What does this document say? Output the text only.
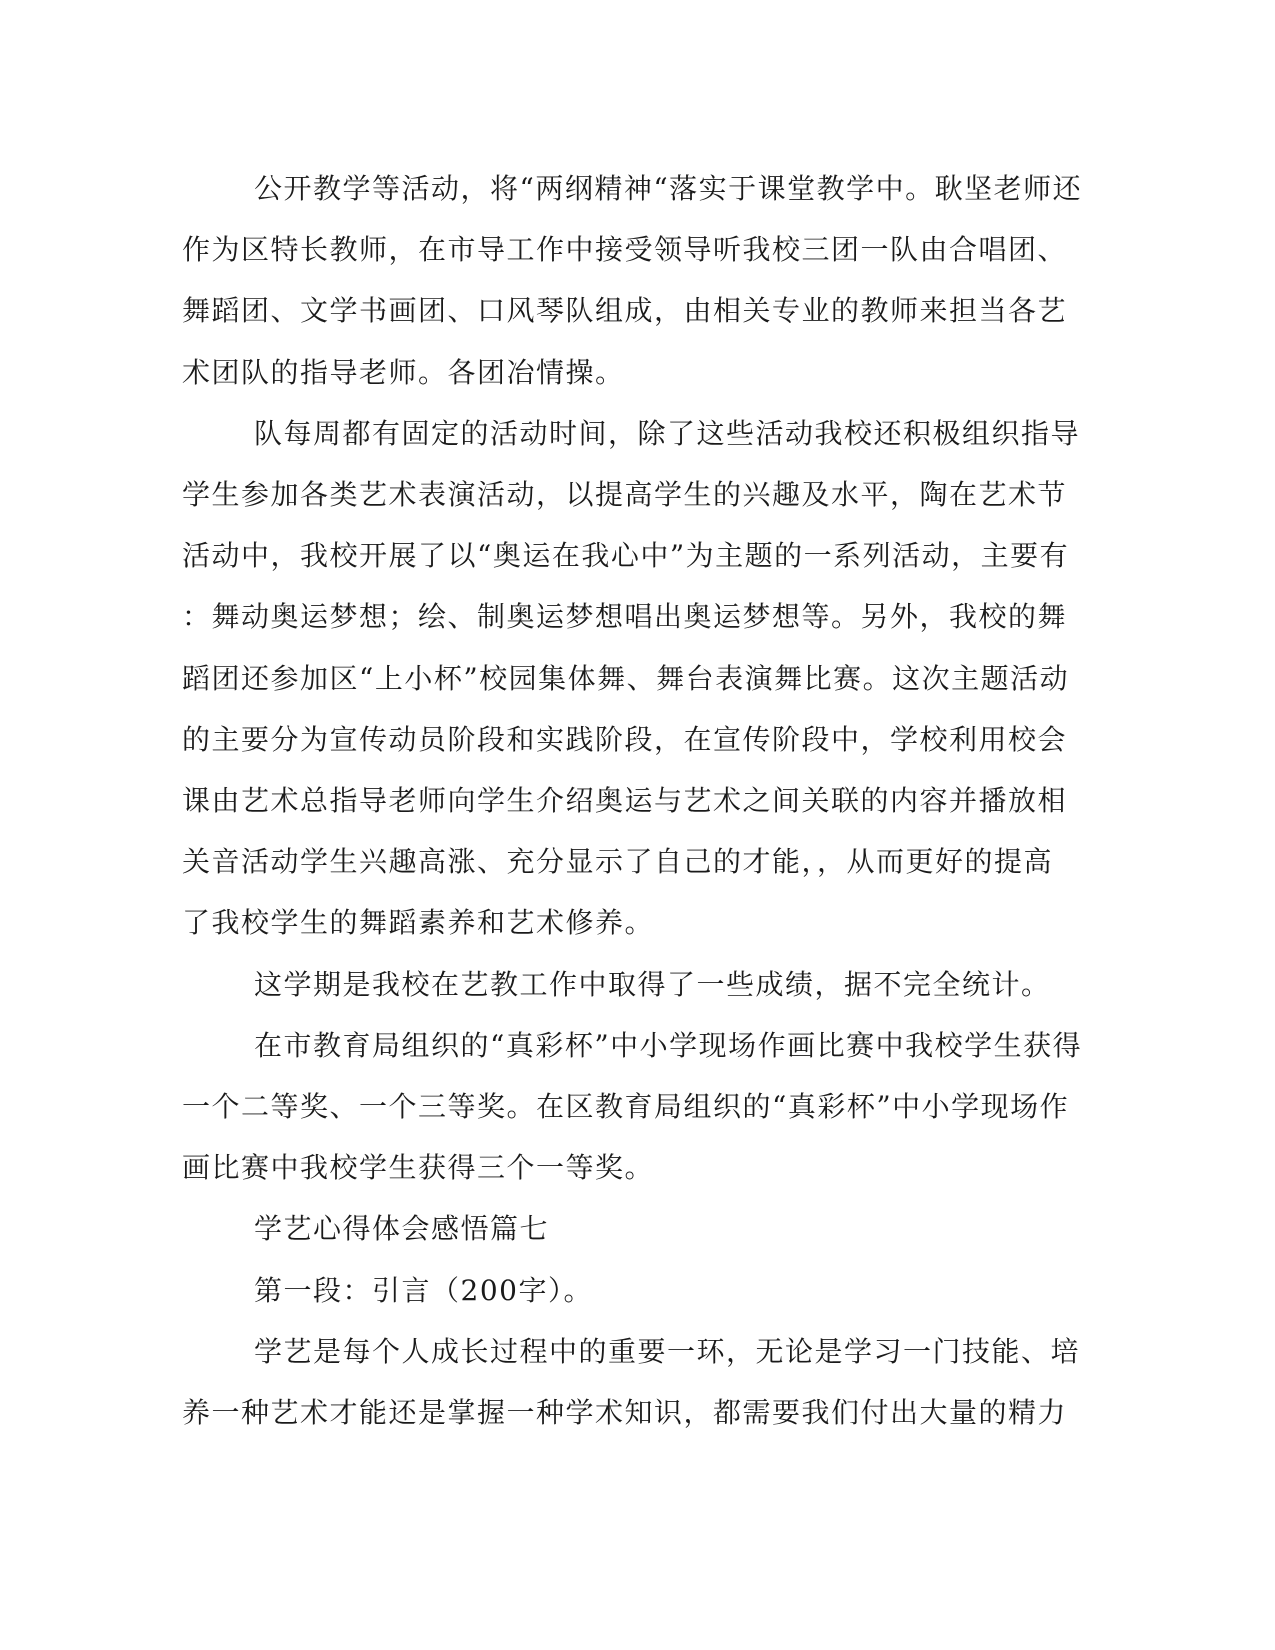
公开教学等活动，将“两纲精神“落实于课堂教学中。耿坚老师还
作为区特长教师，在市导工作中接受领导听我校三团一队由合唱团、
舞蹈团、文学书画团、口风琴队组成，由相关专业的教师来担当各艺
术团队的指导老师。各团冶情操。
队每周都有固定的活动时间，除了这些活动我校还积极组织指导
学生参加各类艺术表演活动，以提高学生的兴趣及水平，陶在艺术节
活动中，我校开展了以“奥运在我心中”为主题的一系列活动，主要有
：舞动奥运梦想；绘、制奥运梦想唱出奥运梦想等。另外，我校的舞
蹈团还参加区“上小杯”校园集体舞、舞台表演舞比赛。这次主题活动
的主要分为宣传动员阶段和实践阶段，在宣传阶段中，学校利用校会
课由艺术总指导老师向学生介绍奥运与艺术之间关联的内容并播放相
关音活动学生兴趣高涨、充分显示了自己的才能，，从而更好的提高
了我校学生的舞蹈素养和艺术修养。
这学期是我校在艺教工作中取得了一些成绩，据不完全统计。
在市教育局组织的“真彩杯”中小学现场作画比赛中我校学生获得
一个二等奖、一个三等奖。在区教育局组织的“真彩杯”中小学现场作
画比赛中我校学生获得三个一等奖。
学艺心得体会感悟篇七
第一段：引言（200字）。
学艺是每个人成长过程中的重要一环，无论是学习一门技能、培
养一种艺术才能还是掌握一种学术知识，都需要我们付出大量的精力
